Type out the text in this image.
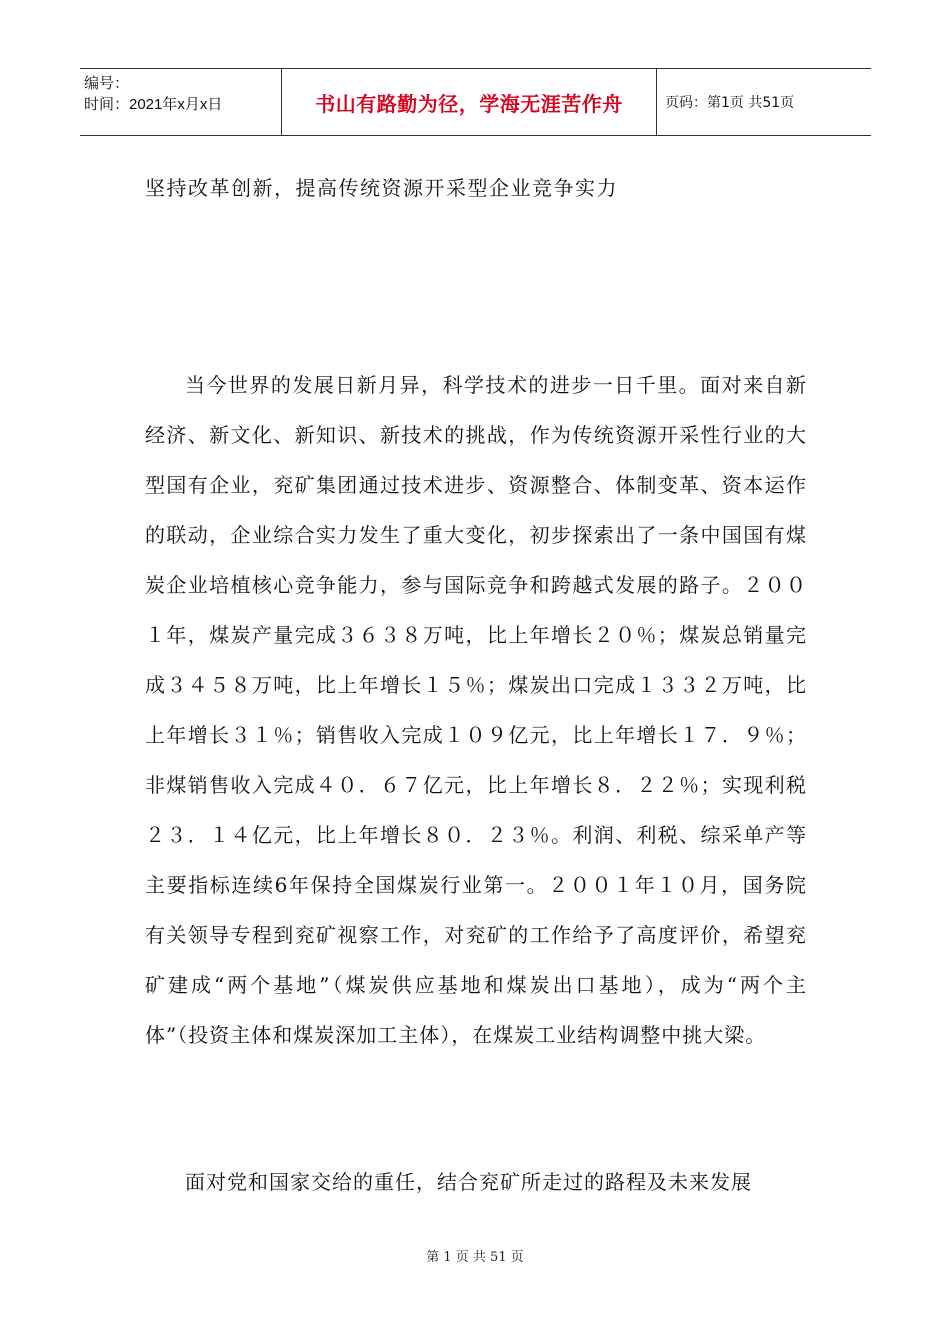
编号：
时间：2021年x月x日	书山有路勤为径，学海无涯苦作舟	页码：第1页 共51页
坚持改革创新，提高传统资源开采型企业竞争实力

当今世界的发展日新月异，科学技术的进步一日千里。面对来自新经济、新文化、新知识、新技术的挑战，作为传统资源开采性行业的大型国有企业，兖矿集团通过技术进步、资源整合、体制变革、资本运作的联动，企业综合实力发生了重大变化，初步探索出了一条中国国有煤炭企业培植核心竞争能力，参与国际竞争和跨越式发展的路子。２００１年，煤炭产量完成３６３８万吨，比上年增长２０％；煤炭总销量完成３４５８万吨，比上年增长１５％；煤炭出口完成１３３２万吨，比上年增长３１％；销售收入完成１０９亿元，比上年增长１７．９％；非煤销售收入完成４０．６７亿元，比上年增长８．２２％；实现利税２３．１４亿元，比上年增长８０．２３％。利润、利税、综采单产等主要指标连续6年保持全国煤炭行业第一。２００１年１０月，国务院有关领导专程到兖矿视察工作，对兖矿的工作给予了高度评价，希望兖矿建成“两个基地”（煤炭供应基地和煤炭出口基地），成为“两个主体”（投资主体和煤炭深加工主体），在煤炭工业结构调整中挑大梁。

面对党和国家交给的重任，结合兖矿所走过的路程及未来发展

第 1 页 共 51 页
